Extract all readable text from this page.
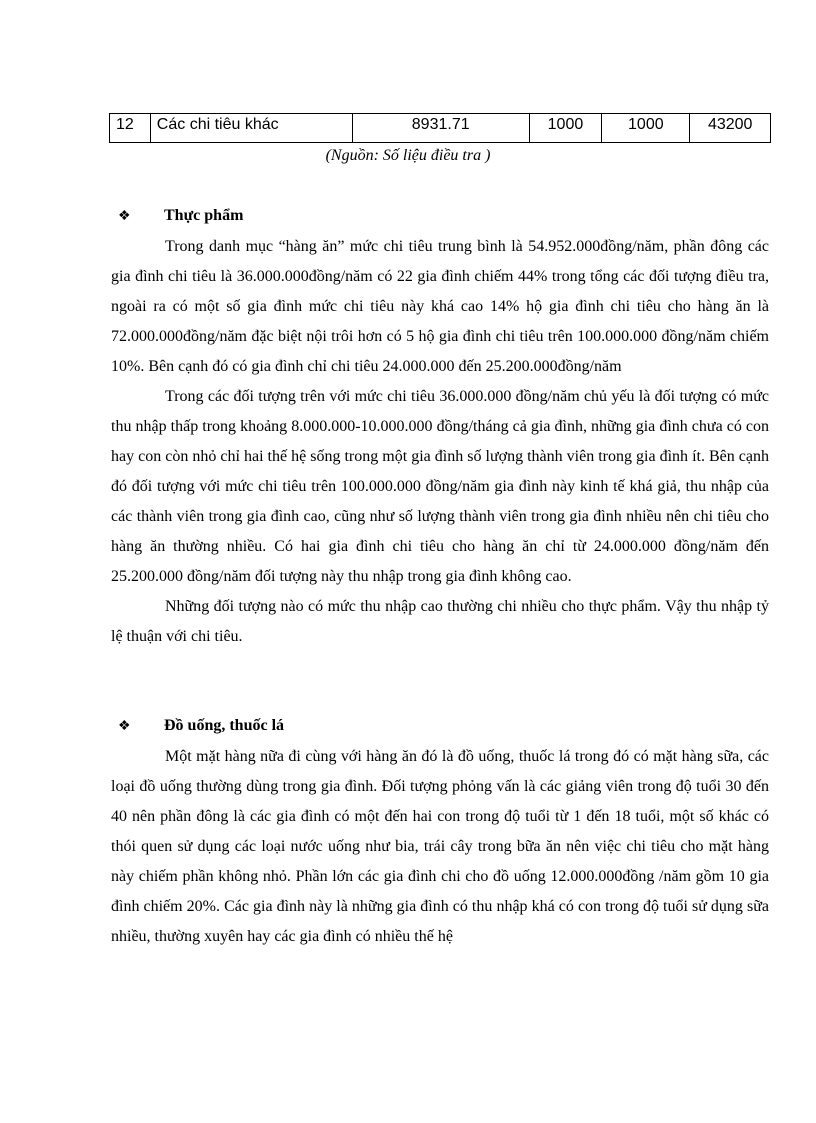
12	Các chi tiêu khác	8931.71	1000	1000	43200
(Nguồn: Số liệu điều tra )
❖ Thực phẩm

Trong danh mục “hàng ăn” mức chi tiêu trung bình là 54.952.000đồng/năm, phần đông các gia đình chi tiêu là 36.000.000đồng/năm có 22 gia đình chiếm 44% trong tổng các đối tượng điều tra, ngoài ra có một số gia đình mức chi tiêu này khá cao 14% hộ gia đình chi tiêu cho hàng ăn là 72.000.000đồng/năm đặc biệt nội trôi hơn có 5 hộ gia đình chi tiêu trên 100.000.000 đồng/năm chiếm 10%. Bên cạnh đó có gia đình chỉ chi tiêu 24.000.000 đến 25.200.000đồng/năm

Trong các đối tượng trên với mức chi tiêu 36.000.000 đồng/năm chủ yếu là đối tượng có mức thu nhập thấp trong khoảng 8.000.000-10.000.000 đồng/tháng cả gia đình, những gia đình chưa có con hay con còn nhỏ chỉ hai thế hệ sống trong một gia đình số lượng thành viên trong gia đình ít. Bên cạnh đó đối tượng với mức chi tiêu trên 100.000.000 đồng/năm gia đình này kinh tế khá giả, thu nhập của các thành viên trong gia đình cao, cũng như số lượng thành viên trong gia đình nhiều nên chi tiêu cho hàng ăn thường nhiều. Có hai gia đình chi tiêu cho hàng ăn chỉ từ 24.000.000 đồng/năm đến 25.200.000 đồng/năm đối tượng này thu nhập trong gia đình không cao.

Những đối tượng nào có mức thu nhập cao thường chi nhiều cho thực phẩm. Vậy thu nhập tỷ lệ thuận với chi tiêu.

❖ Đồ uống, thuốc lá

Một mặt hàng nữa đi cùng với hàng ăn đó là đồ uống, thuốc lá trong đó có mặt hàng sữa, các loại đồ uống thường dùng trong gia đình. Đối tượng phỏng vấn là các giảng viên trong độ tuổi 30 đến 40 nên phần đông là các gia đình có một đến hai con trong độ tuổi từ 1 đến 18 tuổi, một số khác có thói quen sử dụng các loại nước uống như bia, trái cây trong bữa ăn nên việc chi tiêu cho mặt hàng này chiếm phần không nhỏ. Phần lớn các gia đình chi cho đồ uống 12.000.000đồng /năm gồm 10 gia đình chiếm 20%. Các gia đình này là những gia đình có thu nhập khá có con trong độ tuổi sử dụng sữa nhiều, thường xuyên hay các gia đình có nhiều thế hệ
